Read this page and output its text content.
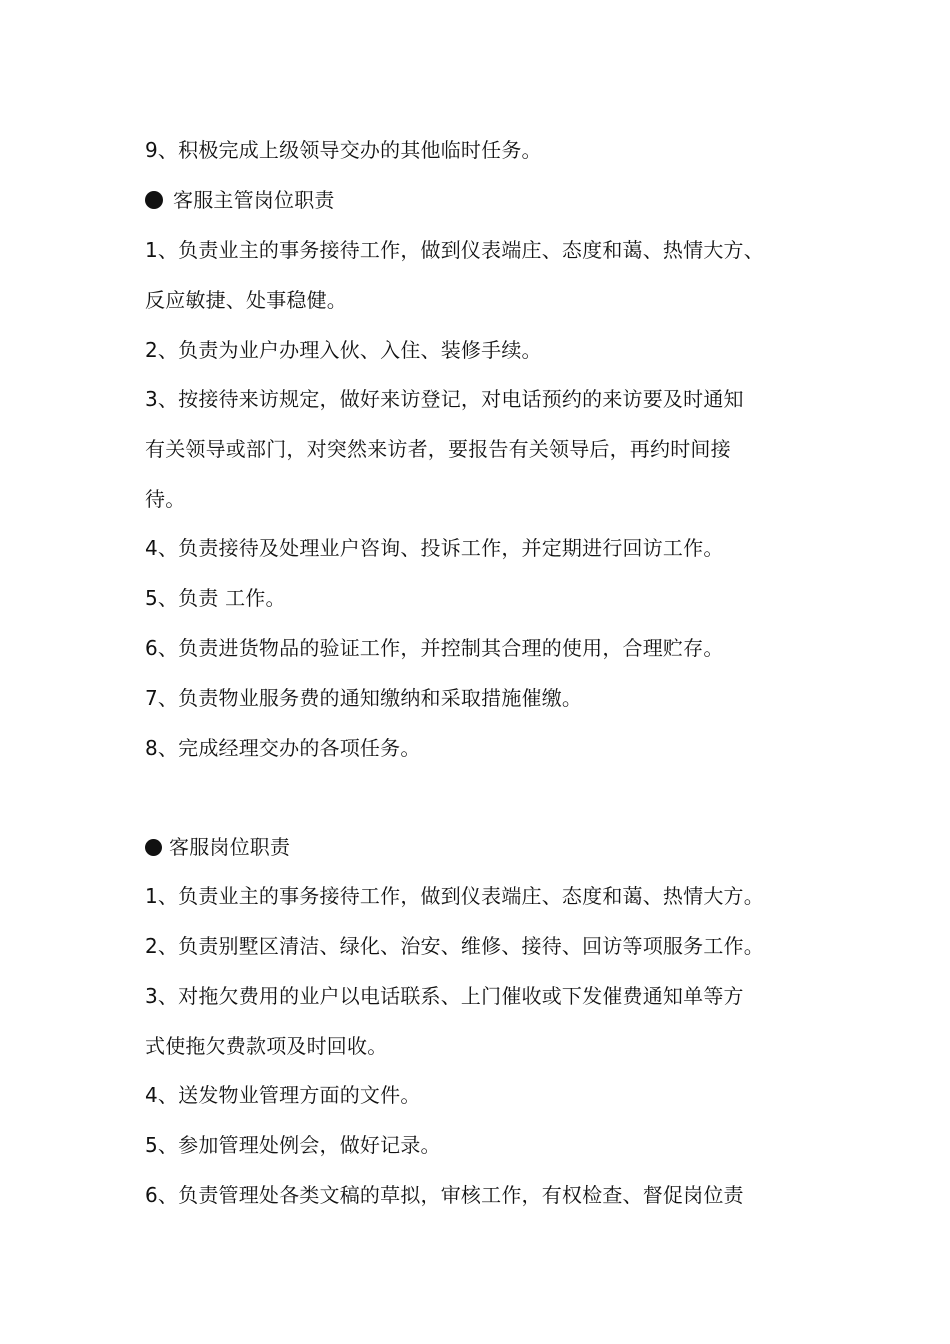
9、积极完成上级领导交办的其他临时任务。
客服主管岗位职责
1、负责业主的事务接待工作，做到仪表端庄、态度和蔼、热情大方、
反应敏捷、处事稳健。
2、负责为业户办理入伙、入住、装修手续。
3、按接待来访规定，做好来访登记，对电话预约的来访要及时通知
有关领导或部门，对突然来访者，要报告有关领导后，再约时间接
待。
4、负责接待及处理业户咨询、投诉工作，并定期进行回访工作。
5、负责 工作。
6、负责进货物品的验证工作，并控制其合理的使用，合理贮存。
7、负责物业服务费的通知缴纳和采取措施催缴。
8、完成经理交办的各项任务。
客服岗位职责
1、负责业主的事务接待工作，做到仪表端庄、态度和蔼、热情大方。
2、负责别墅区清洁、绿化、治安、维修、接待、回访等项服务工作。
3、对拖欠费用的业户以电话联系、上门催收或下发催费通知单等方
式使拖欠费款项及时回收。
4、送发物业管理方面的文件。
5、参加管理处例会，做好记录。
6、负责管理处各类文稿的草拟，审核工作，有权检查、督促岗位责
